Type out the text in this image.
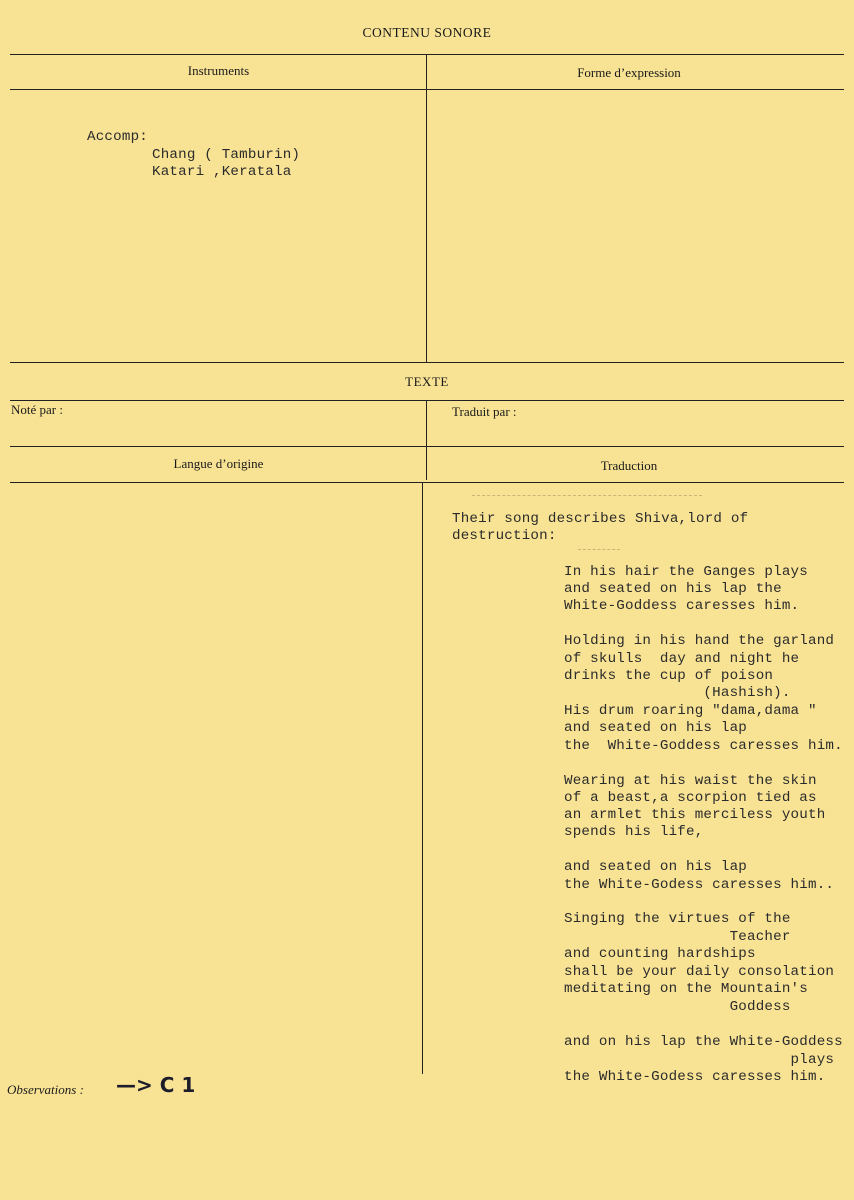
CONTENU SONORE
Instruments	Forme d’expression
Accomp:
Chang ( Tamburin)
Katari ,Keratala
TEXTE
Noté par :	Traduit par :
Langue d’origine	Traduction
Their song describes Shiva,lord of
destruction:
In his hair the Ganges plays
and seated on his lap the
White-Goddess caresses him.
Holding in his hand the garland
of skulls  day and night he
drinks the cup of poison
(Hashish).
His drum roaring "dama,dama "
and seated on his lap
the  White-Goddess caresses him.
Wearing at his waist the skin
of a beast,a scorpion tied as
an armlet this merciless youth
spends his life,
and seated on his lap
the White-Godess caresses him..
Singing the virtues of the
Teacher
and counting hardships
shall be your daily consolation
meditating on the Mountain's
Goddess
and on his lap the White-Goddess
plays
the White-Godess caresses him.
Observations : —> C 1
